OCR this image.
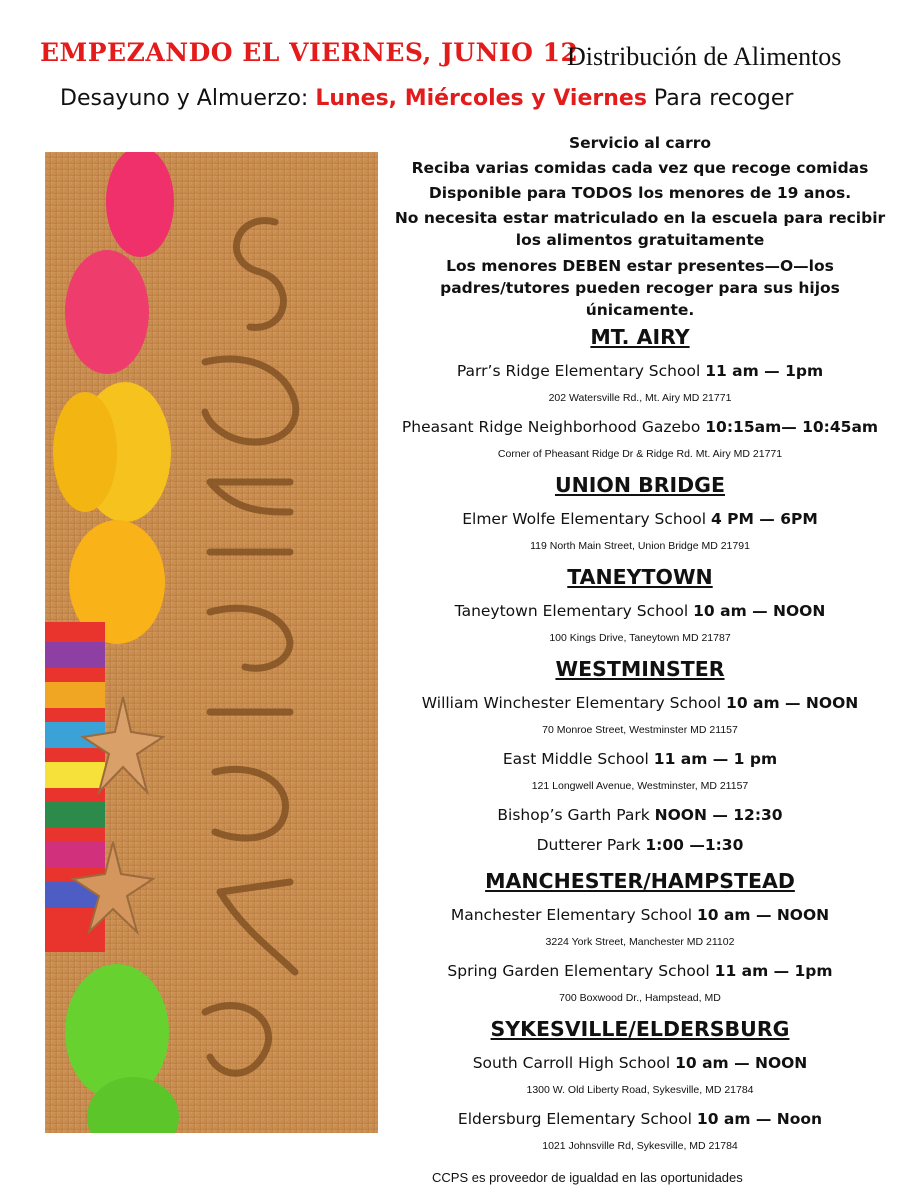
EMPEZANDO EL VIERNES, JUNIO 12
Distribución de Alimentos
Desayuno y Almuerzo: Lunes, Miércoles y Viernes Para recoger
Servicio al carro
Reciba varias comidas cada vez que recoge comidas
Disponible para TODOS los menores de 19 anos.
No necesita estar matriculado en la escuela para recibir los alimentos gratuitamente
Los menores DEBEN estar presentes—O—los padres/tutores pueden recoger para sus hijos únicamente.
MT. AIRY
Parr’s Ridge Elementary School 11 am — 1pm
202 Watersville Rd., Mt. Airy MD 21771
Pheasant Ridge Neighborhood Gazebo 10:15am— 10:45am
Corner of Pheasant Ridge Dr & Ridge Rd. Mt. Airy MD 21771
UNION BRIDGE
Elmer Wolfe Elementary School 4 PM — 6PM
119 North Main Street, Union Bridge MD 21791
TANEYTOWN
Taneytown Elementary School 10 am — NOON
100 Kings Drive, Taneytown MD 21787
WESTMINSTER
William Winchester Elementary School 10 am — NOON
70 Monroe Street, Westminster MD 21157
East Middle School 11 am — 1 pm
121 Longwell Avenue, Westminster, MD 21157
Bishop’s Garth Park NOON — 12:30
Dutterer Park 1:00 —1:30
MANCHESTER/HAMPSTEAD
Manchester Elementary School 10 am — NOON
3224 York Street, Manchester MD 21102
Spring Garden Elementary School 11 am — 1pm
700 Boxwood Dr., Hampstead, MD
SYKESVILLE/ELDERSBURG
South Carroll High School 10 am — NOON
1300 W. Old Liberty Road, Sykesville, MD 21784
Eldersburg Elementary School 10 am — Noon
1021 Johnsville Rd, Sykesville, MD 21784
CCPS es proveedor de igualdad en las oportunidades
